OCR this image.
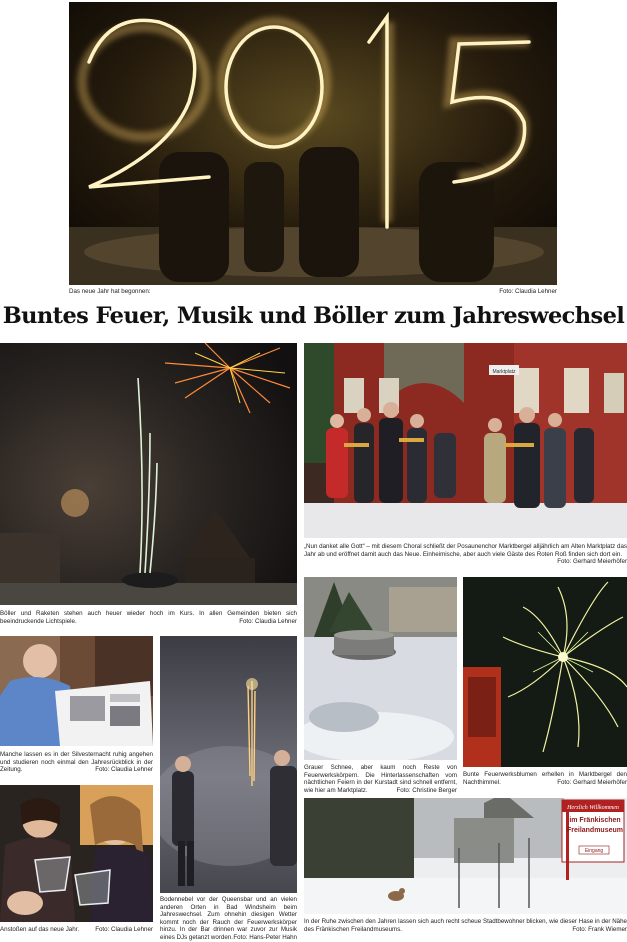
Das neue Jahr hat begonnen:	Foto: Claudia Lehner
Buntes Feuer, Musik und Böller zum Jahreswechsel
Böller und Raketen stehen auch heuer wieder hoch im Kurs. In allen Gemeinden bieten sich beeindruckende Lichtspiele.	Foto: Claudia Lehner
Marktplatz
„Nun danket alle Gott“ – mit diesem Choral schließt der Posaunenchor Marktbergel alljährlich am Alten Marktplatz das Jahr ab und eröffnet damit auch das Neue. Einheimische, aber auch viele Gäste des Roten Roß finden sich dort ein.
Foto: Gerhard Meierhöfer
Manche lassen es in der Silvesternacht ruhig angehen und studieren noch einmal den Jahresrückblick in der Zeitung.	Foto: Claudia Lehner
Anstoßen auf das neue Jahr.	Foto: Claudia Lehner
Bodennebel vor der Queensbar und an vielen anderen Orten in Bad Windsheim beim Jahreswechsel. Zum ohnehin diesigen Wetter kommt noch der Rauch der Feuerwerkskörper hinzu. In der Bar drinnen war zuvor zur Musik eines DJs getanzt worden. Foto: Hans-Peter Hahn
Grauer Schnee, aber kaum noch Reste von Feuerwerkskörpern. Die Hinterlassenschaften vom nächtlichen Feiern in der Kurstadt sind schnell entfernt, wie hier am Marktplatz.	Foto: Christine Berger
Bunte Feuerwerksblumen erhellen in Marktbergel den Nachthimmel.	Foto: Gerhard Meierhöfer
Herzlich Willkommen
im Fränkischen
Freilandmuseum
Eingang
In der Ruhe zwischen den Jahren lassen sich auch recht scheue Stadtbewohner blicken, wie dieser Hase in der Nähe des Fränkischen Freilandmuseums.	Foto: Frank Wiemer
